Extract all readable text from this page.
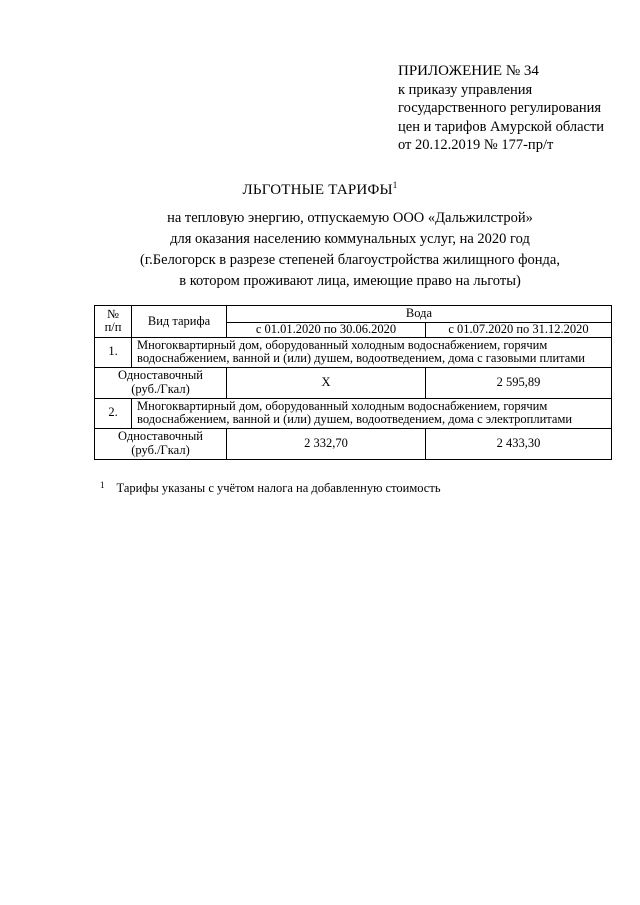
ПРИЛОЖЕНИЕ № 34
к приказу управления
государственного регулирования
цен и тарифов Амурской области
от 20.12.2019 № 177-пр/т
ЛЬГОТНЫЕ ТАРИФЫ$^1$
на тепловую энергию, отпускаемую ООО «Дальжилстрой»
для оказания населению коммунальных услуг, на 2020 год
(г.Белогорск в разрезе степеней благоустройства жилищного фонда,
в котором проживают лица, имеющие право на льготы)
№
п/п	Вид тарифа	Вода	
		с 01.01.2020 по 30.06.2020	с 01.07.2020 по 31.12.2020
1.	Многоквартирный дом, оборудованный холодным водоснабжением, горячим
водоснабжением, ванной и (или) душем, водоотведением, дома с газовыми плитами		

Одноставочный
(руб./Гкал)		Х	2 595,89
2.	Многоквартирный дом, оборудованный холодным водоснабжением, горячим
водоснабжением, ванной и (или) душем, водоотведением, дома с электроплитами		

Одноставочный
(руб./Гкал)		2 332,70	2 433,30
$^1$ Тарифы указаны с учётом налога на добавленную стоимость
